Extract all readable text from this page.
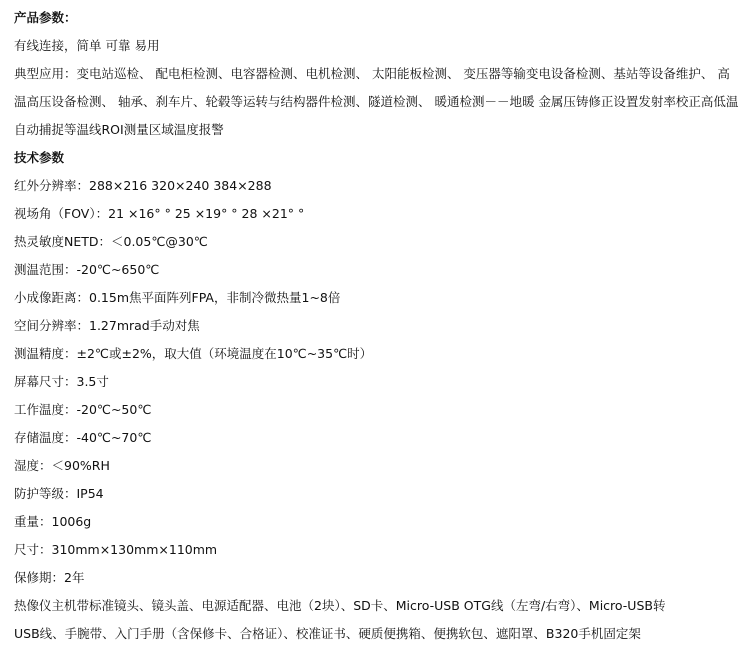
产品参数：
有线连接，简单 可靠 易用
典型应用：变电站巡检、 配电柜检测、电容器检测、电机检测、 太阳能板检测、 变压器等输变电设备检测、基站等设备维护、 高温高压设备检测、 轴承、刹车片、轮毂等运转与结构器件检测、隧道检测、 暖通检测－－地暖 金属压铸修正设置发射率校正高低温自动捕捉等温线ROI测量区域温度报警
技术参数
红外分辨率：288×216 320×240 384×288
视场角（FOV）：21 ×16° ° 25 ×19° ° 28 ×21° °
热灵敏度NETD：＜0.05℃@30℃
测温范围：-20℃~650℃
小成像距离：0.15m焦平面阵列FPA，非制冷微热量1~8倍
空间分辨率：1.27mrad手动对焦
测温精度：±2℃或±2%，取大值（环境温度在10℃~35℃时）
屏幕尺寸：3.5寸
工作温度：-20℃~50℃
存储温度：-40℃~70℃
湿度：＜90%RH
防护等级：IP54
重量：1006g
尺寸：310mm×130mm×110mm
保修期：2年
热像仪主机带标准镜头、镜头盖、电源适配器、电池（2块）、SD卡、Micro-USB OTG线（左弯/右弯）、Micro-USB转
USB线、手腕带、入门手册（含保修卡、合格证）、校准证书、硬质便携箱、便携软包、遮阳罩、B320手机固定架
